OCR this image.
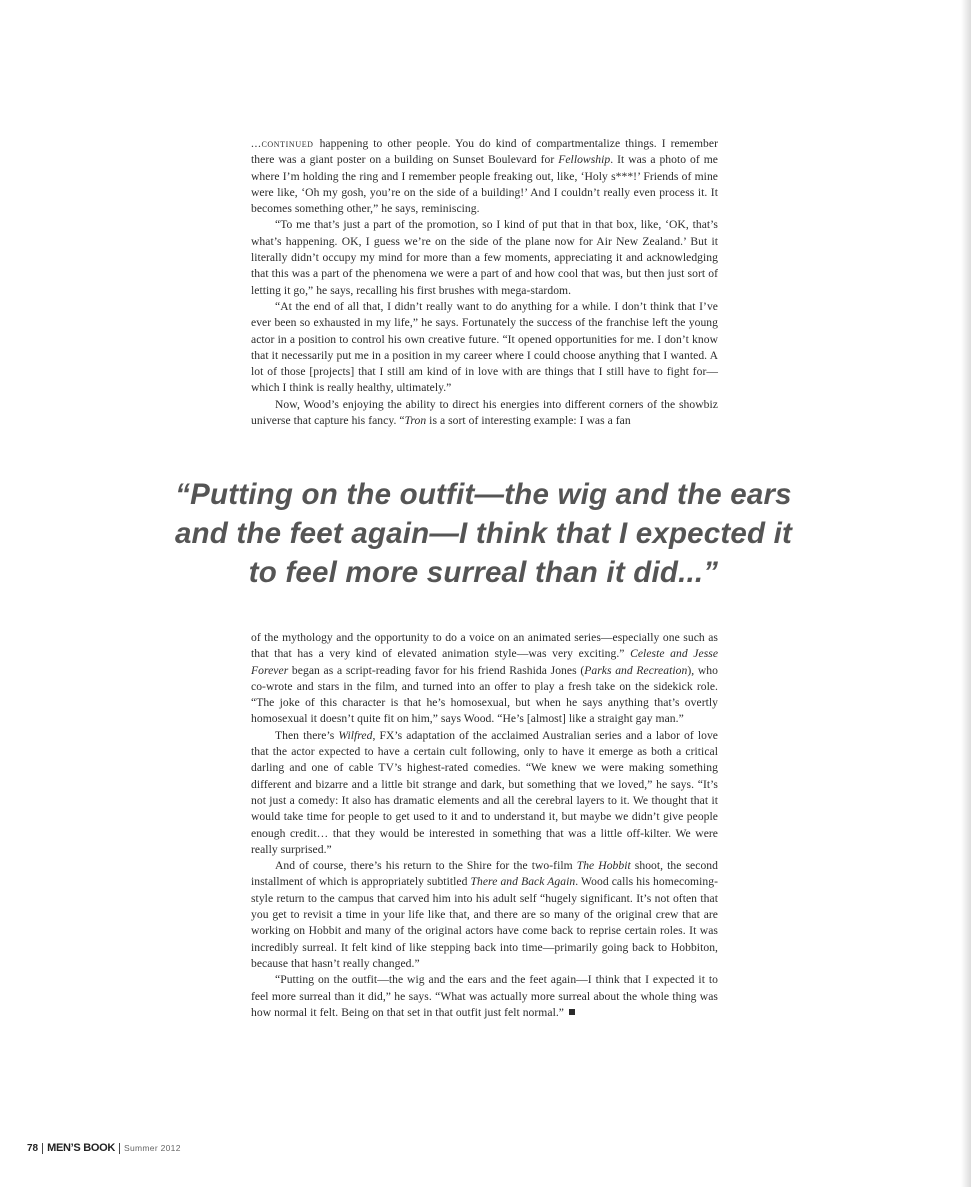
...continued happening to other people. You do kind of compartmentalize things. I remember there was a giant poster on a building on Sunset Boulevard for Fellowship. It was a photo of me where I’m holding the ring and I remember people freaking out, like, ‘Holy s***!’ Friends of mine were like, ‘Oh my gosh, you’re on the side of a building!’ And I couldn’t really even process it. It becomes something other,” he says, reminiscing.

“To me that’s just a part of the promotion, so I kind of put that in that box, like, ‘OK, that’s what’s happening. OK, I guess we’re on the side of the plane now for Air New Zealand.’ But it literally didn’t occupy my mind for more than a few moments, appreciating it and acknowledging that this was a part of the phenomena we were a part of and how cool that was, but then just sort of letting it go,” he says, recalling his first brushes with mega-stardom.

“At the end of all that, I didn’t really want to do anything for a while. I don’t think that I’ve ever been so exhausted in my life,” he says. Fortunately the success of the franchise left the young actor in a position to control his own creative future. “It opened opportunities for me. I don’t know that it necessarily put me in a position in my career where I could choose anything that I wanted. A lot of those [projects] that I still am kind of in love with are things that I still have to fight for—which I think is really healthy, ultimately.”

Now, Wood’s enjoying the ability to direct his energies into different corners of the showbiz universe that capture his fancy. “Tron is a sort of interesting example: I was a fan

“Putting on the outfit—the wig and the ears
and the feet again—I think that I expected it
to feel more surreal than it did...”

of the mythology and the opportunity to do a voice on an animated series—especially one such as that that has a very kind of elevated animation style—was very exciting.” Celeste and Jesse Forever began as a script-reading favor for his friend Rashida Jones (Parks and Recreation), who co-wrote and stars in the film, and turned into an offer to play a fresh take on the sidekick role. “The joke of this character is that he’s homosexual, but when he says anything that’s overtly homosexual it doesn’t quite fit on him,” says Wood. “He’s [almost] like a straight gay man.”

Then there’s Wilfred, FX’s adaptation of the acclaimed Australian series and a labor of love that the actor expected to have a certain cult following, only to have it emerge as both a critical darling and one of cable TV’s highest-rated comedies. “We knew we were making something different and bizarre and a little bit strange and dark, but something that we loved,” he says. “It’s not just a comedy: It also has dramatic elements and all the cerebral layers to it. We thought that it would take time for people to get used to it and to understand it, but maybe we didn’t give people enough credit… that they would be interested in something that was a little off-kilter. We were really surprised.”

And of course, there’s his return to the Shire for the two-film The Hobbit shoot, the second installment of which is appropriately subtitled There and Back Again. Wood calls his homecoming-style return to the campus that carved him into his adult self “hugely significant. It’s not often that you get to revisit a time in your life like that, and there are so many of the original crew that are working on Hobbit and many of the original actors have come back to reprise certain roles. It was incredibly surreal. It felt kind of like stepping back into time—primarily going back to Hobbiton, because that hasn’t really changed.”

“Putting on the outfit—the wig and the ears and the feet again—I think that I expected it to feel more surreal than it did,” he says. “What was actually more surreal about the whole thing was how normal it felt. Being on that set in that outfit just felt normal.”

78 MEN’S BOOK Summer 2012
